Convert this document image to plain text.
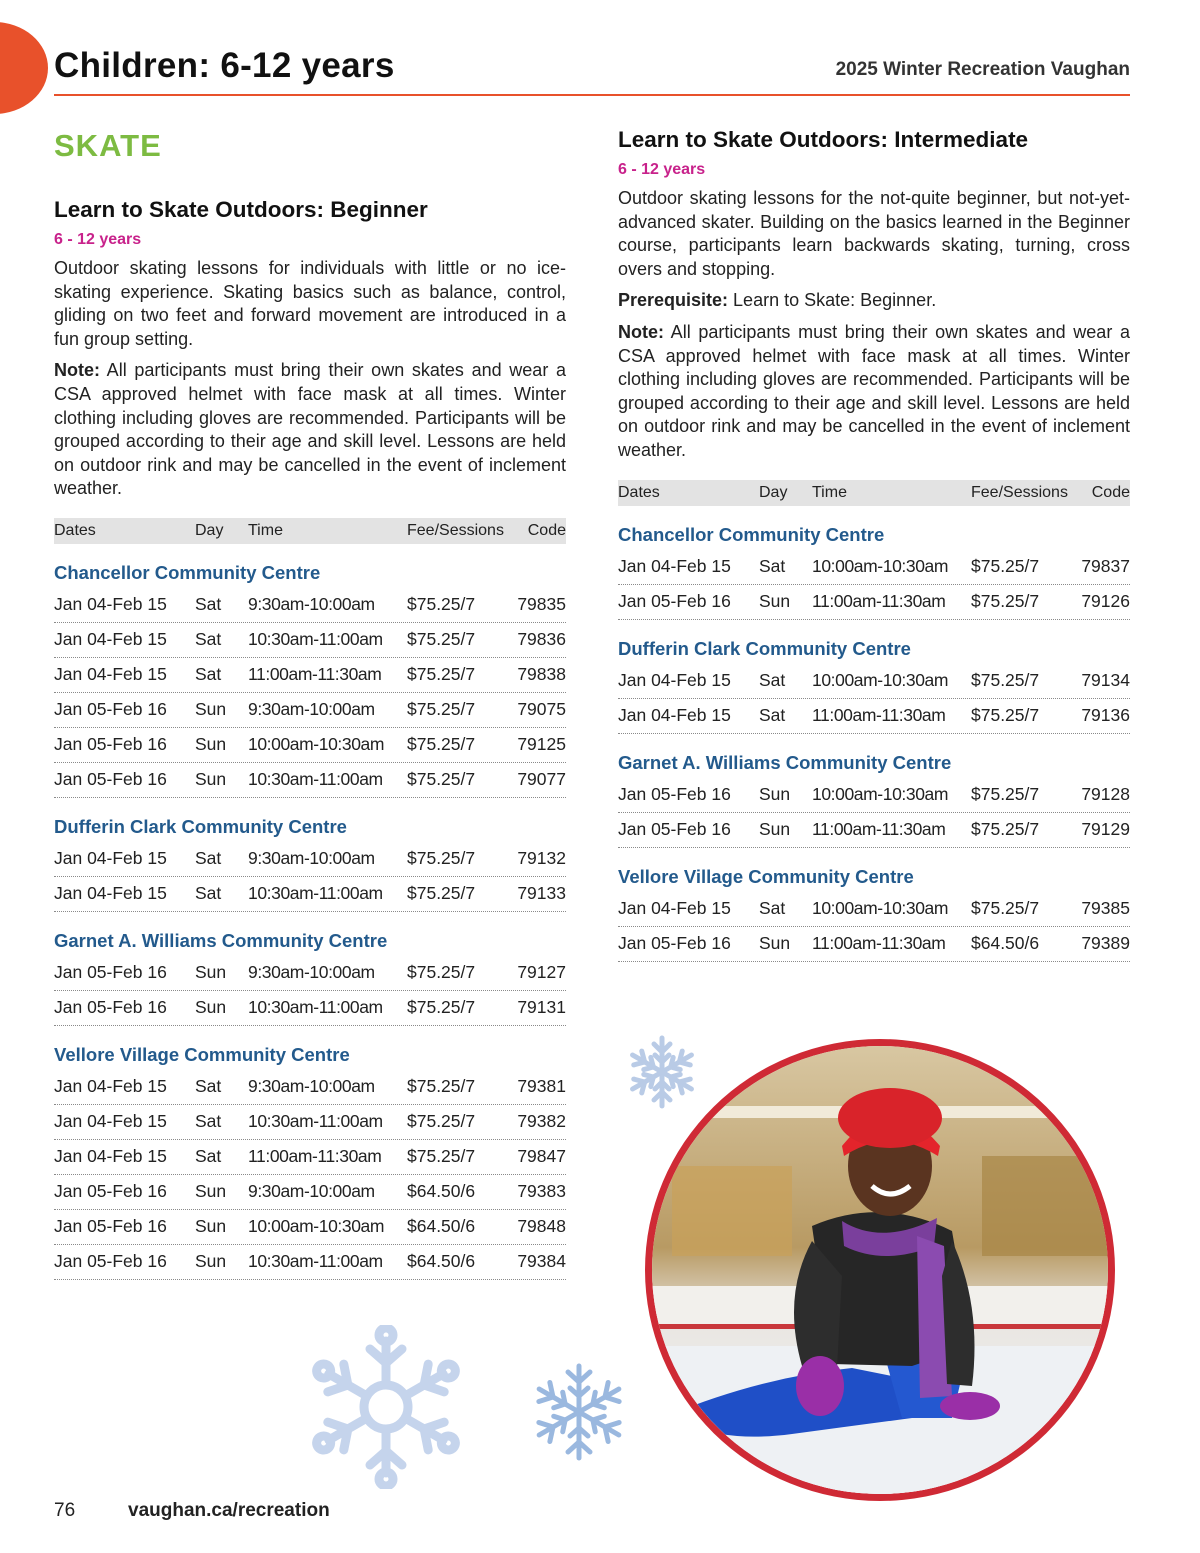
Children: 6-12 years	2025 Winter Recreation Vaughan
SKATE
Learn to Skate Outdoors: Beginner
6 - 12 years

Outdoor skating lessons for individuals with little or no ice-skating experience. Skating basics such as balance, control, gliding on two feet and forward movement are introduced in a fun group setting.

Note: All participants must bring their own skates and wear a CSA approved helmet with face mask at all times. Winter clothing including gloves are recommended. Participants will be grouped according to their age and skill level. Lessons are held on outdoor rink and may be cancelled in the event of inclement weather.

Dates	Day	Time	Fee/Sessions	Code
Chancellor Community Centre
Jan 04-Feb 15	Sat	9:30am-10:00am	$75.25/7	79835
Jan 04-Feb 15	Sat	10:30am-11:00am	$75.25/7	79836
Jan 04-Feb 15	Sat	11:00am-11:30am	$75.25/7	79838
Jan 05-Feb 16	Sun	9:30am-10:00am	$75.25/7	79075
Jan 05-Feb 16	Sun	10:00am-10:30am	$75.25/7	79125
Jan 05-Feb 16	Sun	10:30am-11:00am	$75.25/7	79077
Dufferin Clark Community Centre
Jan 04-Feb 15	Sat	9:30am-10:00am	$75.25/7	79132
Jan 04-Feb 15	Sat	10:30am-11:00am	$75.25/7	79133
Garnet A. Williams Community Centre
Jan 05-Feb 16	Sun	9:30am-10:00am	$75.25/7	79127
Jan 05-Feb 16	Sun	10:30am-11:00am	$75.25/7	79131
Vellore Village Community Centre
Jan 04-Feb 15	Sat	9:30am-10:00am	$75.25/7	79381
Jan 04-Feb 15	Sat	10:30am-11:00am	$75.25/7	79382
Jan 04-Feb 15	Sat	11:00am-11:30am	$75.25/7	79847
Jan 05-Feb 16	Sun	9:30am-10:00am	$64.50/6	79383
Jan 05-Feb 16	Sun	10:00am-10:30am	$64.50/6	79848
Jan 05-Feb 16	Sun	10:30am-11:00am	$64.50/6	79384
Learn to Skate Outdoors: Intermediate
6 - 12 years

Outdoor skating lessons for the not-quite beginner, but not-yet-advanced skater. Building on the basics learned in the Beginner course, participants learn backwards skating, turning, cross overs and stopping.

Prerequisite: Learn to Skate: Beginner.

Note: All participants must bring their own skates and wear a CSA approved helmet with face mask at all times. Winter clothing including gloves are recommended. Participants will be grouped according to their age and skill level. Lessons are held on outdoor rink and may be cancelled in the event of inclement weather.

Dates	Day	Time	Fee/Sessions	Code
Chancellor Community Centre
Jan 04-Feb 15	Sat	10:00am-10:30am	$75.25/7	79837
Jan 05-Feb 16	Sun	11:00am-11:30am	$75.25/7	79126
Dufferin Clark Community Centre
Jan 04-Feb 15	Sat	10:00am-10:30am	$75.25/7	79134
Jan 04-Feb 15	Sat	11:00am-11:30am	$75.25/7	79136
Garnet A. Williams Community Centre
Jan 05-Feb 16	Sun	10:00am-10:30am	$75.25/7	79128
Jan 05-Feb 16	Sun	11:00am-11:30am	$75.25/7	79129
Vellore Village Community Centre
Jan 04-Feb 15	Sat	10:00am-10:30am	$75.25/7	79385
Jan 05-Feb 16	Sun	11:00am-11:30am	$64.50/6	79389
76	vaughan.ca/recreation
